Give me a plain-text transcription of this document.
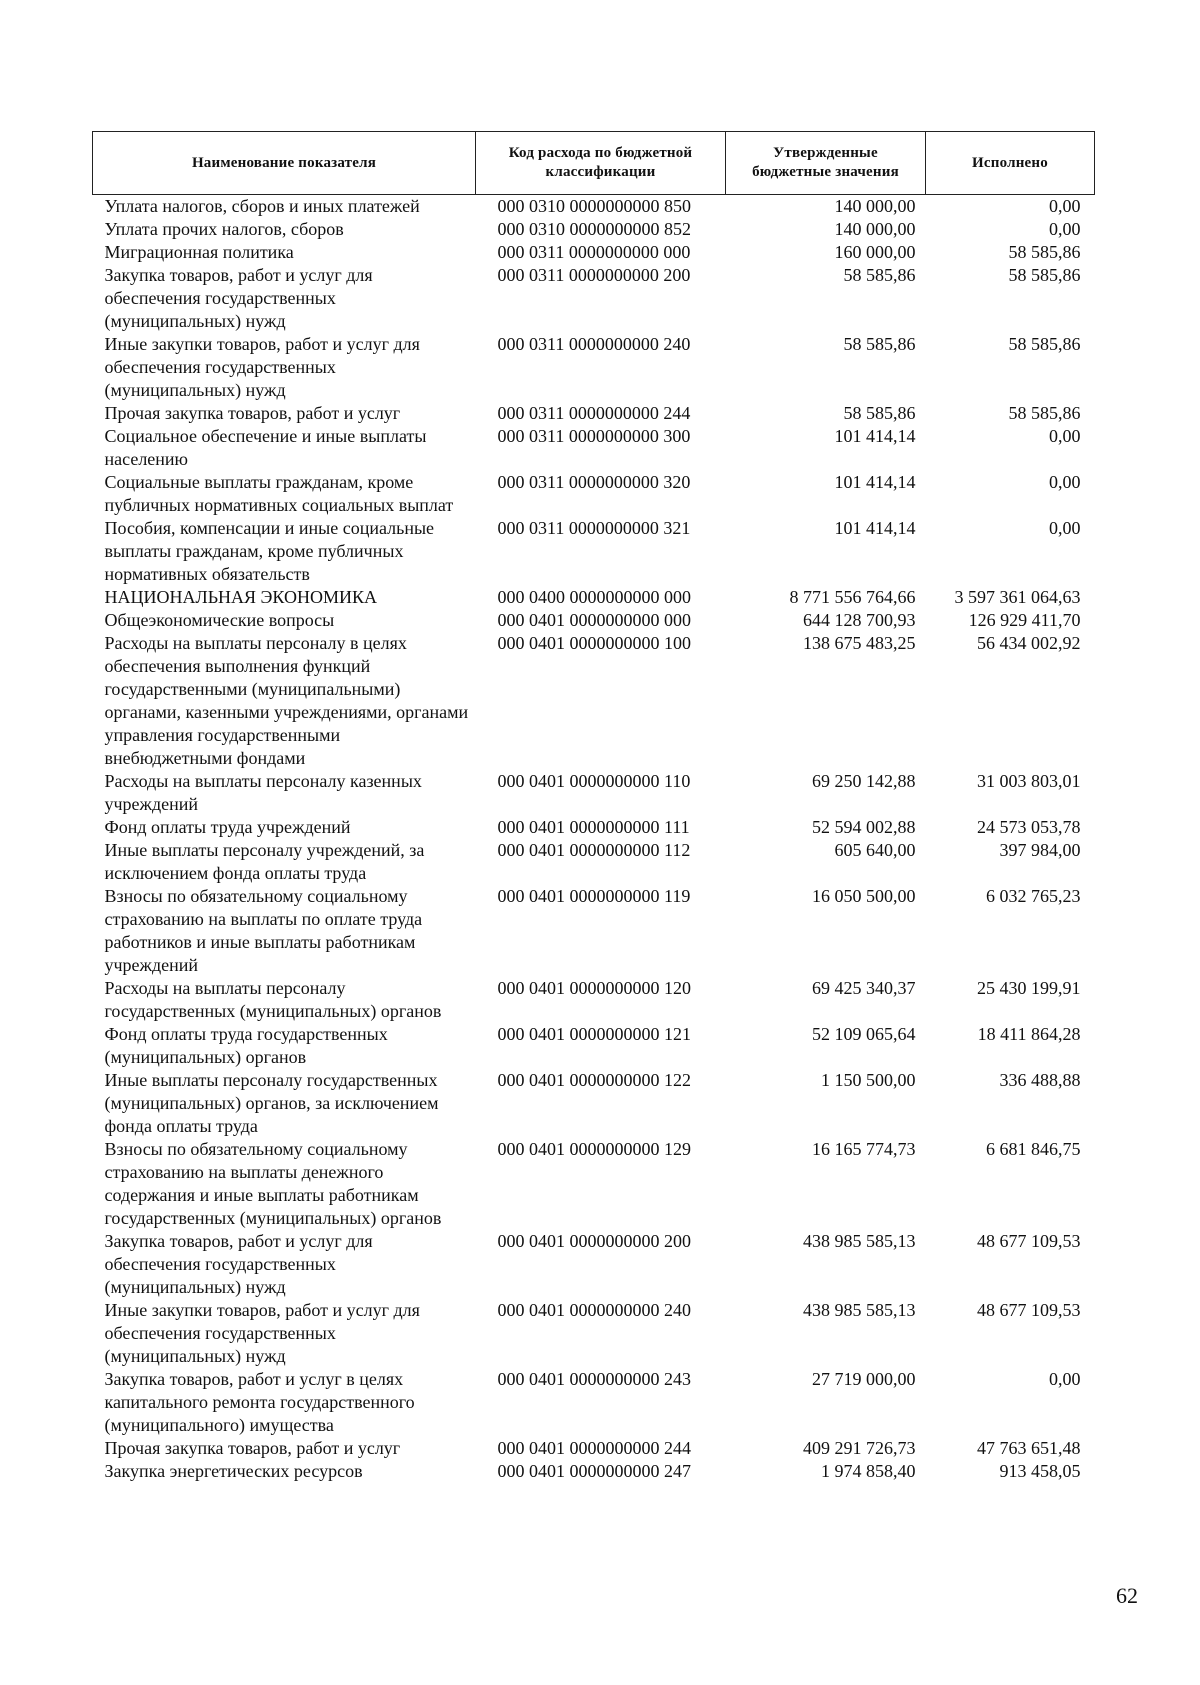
Наименование показателя	Код расхода по бюджетной классификации	Утвержденные бюджетные значения	Исполнено
Уплата налогов, сборов и иных платежей	000 0310 0000000000 850	140 000,00	0,00
Уплата прочих налогов, сборов	000 0310 0000000000 852	140 000,00	0,00
Миграционная политика	000 0311 0000000000 000	160 000,00	58 585,86
Закупка товаров, работ и услуг для обеспечения государственных (муниципальных) нужд	000 0311 0000000000 200	58 585,86	58 585,86
Иные закупки товаров, работ и услуг для обеспечения государственных (муниципальных) нужд	000 0311 0000000000 240	58 585,86	58 585,86
Прочая закупка товаров, работ и услуг	000 0311 0000000000 244	58 585,86	58 585,86
Социальное обеспечение и иные выплаты населению	000 0311 0000000000 300	101 414,14	0,00
Социальные выплаты гражданам, кроме публичных нормативных социальных выплат	000 0311 0000000000 320	101 414,14	0,00
Пособия, компенсации и иные социальные выплаты гражданам, кроме публичных нормативных обязательств	000 0311 0000000000 321	101 414,14	0,00
НАЦИОНАЛЬНАЯ ЭКОНОМИКА	000 0400 0000000000 000	8 771 556 764,66	3 597 361 064,63
Общеэкономические вопросы	000 0401 0000000000 000	644 128 700,93	126 929 411,70
Расходы на выплаты персоналу в целях обеспечения выполнения функций государственными (муниципальными) органами, казенными учреждениями, органами управления государственными внебюджетными фондами	000 0401 0000000000 100	138 675 483,25	56 434 002,92
Расходы на выплаты персоналу казенных учреждений	000 0401 0000000000 110	69 250 142,88	31 003 803,01
Фонд оплаты труда учреждений	000 0401 0000000000 111	52 594 002,88	24 573 053,78
Иные выплаты персоналу учреждений, за исключением фонда оплаты труда	000 0401 0000000000 112	605 640,00	397 984,00
Взносы по обязательному социальному страхованию на выплаты по оплате труда работников и иные выплаты работникам учреждений	000 0401 0000000000 119	16 050 500,00	6 032 765,23
Расходы на выплаты персоналу государственных (муниципальных) органов	000 0401 0000000000 120	69 425 340,37	25 430 199,91
Фонд оплаты труда государственных (муниципальных) органов	000 0401 0000000000 121	52 109 065,64	18 411 864,28
Иные выплаты персоналу государственных (муниципальных) органов, за исключением фонда оплаты труда	000 0401 0000000000 122	1 150 500,00	336 488,88
Взносы по обязательному социальному страхованию на выплаты денежного содержания и иные выплаты работникам государственных (муниципальных) органов	000 0401 0000000000 129	16 165 774,73	6 681 846,75
Закупка товаров, работ и услуг для обеспечения государственных (муниципальных) нужд	000 0401 0000000000 200	438 985 585,13	48 677 109,53
Иные закупки товаров, работ и услуг для обеспечения государственных (муниципальных) нужд	000 0401 0000000000 240	438 985 585,13	48 677 109,53
Закупка товаров, работ и услуг в целях капитального ремонта государственного (муниципального) имущества	000 0401 0000000000 243	27 719 000,00	0,00
Прочая закупка товаров, работ и услуг	000 0401 0000000000 244	409 291 726,73	47 763 651,48
Закупка энергетических ресурсов	000 0401 0000000000 247	1 974 858,40	913 458,05
62
